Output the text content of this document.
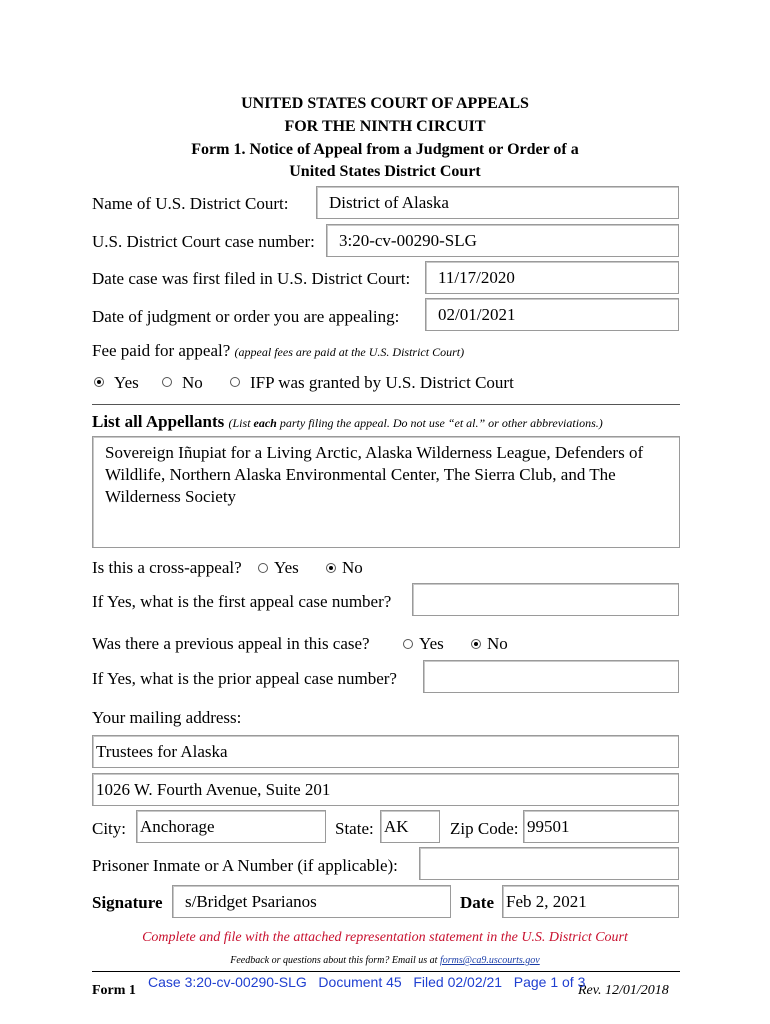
UNITED STATES COURT OF APPEALS
FOR THE NINTH CIRCUIT
Form 1. Notice of Appeal from a Judgment or Order of a
United States District Court
Name of U.S. District Court:	District of Alaska
U.S. District Court case number:	3:20-cv-00290-SLG
Date case was first filed in U.S. District Court:	11/17/2020
Date of judgment or order you are appealing:	02/01/2021
Fee paid for appeal? (appeal fees are paid at the U.S. District Court)
Yes	No	IFP was granted by U.S. District Court
List all Appellants (List each party filing the appeal. Do not use “et al.” or other abbreviations.)
Sovereign Iñupiat for a Living Arctic, Alaska Wilderness League, Defenders of Wildlife, Northern Alaska Environmental Center, The Sierra Club, and The Wilderness Society
Is this a cross-appeal? Yes	No
If Yes, what is the first appeal case number?
Was there a previous appeal in this case?	Yes	No
If Yes, what is the prior appeal case number?
Your mailing address:
Trustees for Alaska
1026 W. Fourth Avenue, Suite 201
City: Anchorage	State: AK	Zip Code: 99501
Prisoner Inmate or A Number (if applicable):
Signature	s/Bridget Psarianos	Date Feb 2, 2021
Complete and file with the attached representation statement in the U.S. District Court
Feedback or questions about this form? Email us at forms@ca9.uscourts.gov
Form 1	Rev. 12/01/2018
Case 3:20-cv-00290-SLG   Document 45   Filed 02/02/21   Page 1 of 3
